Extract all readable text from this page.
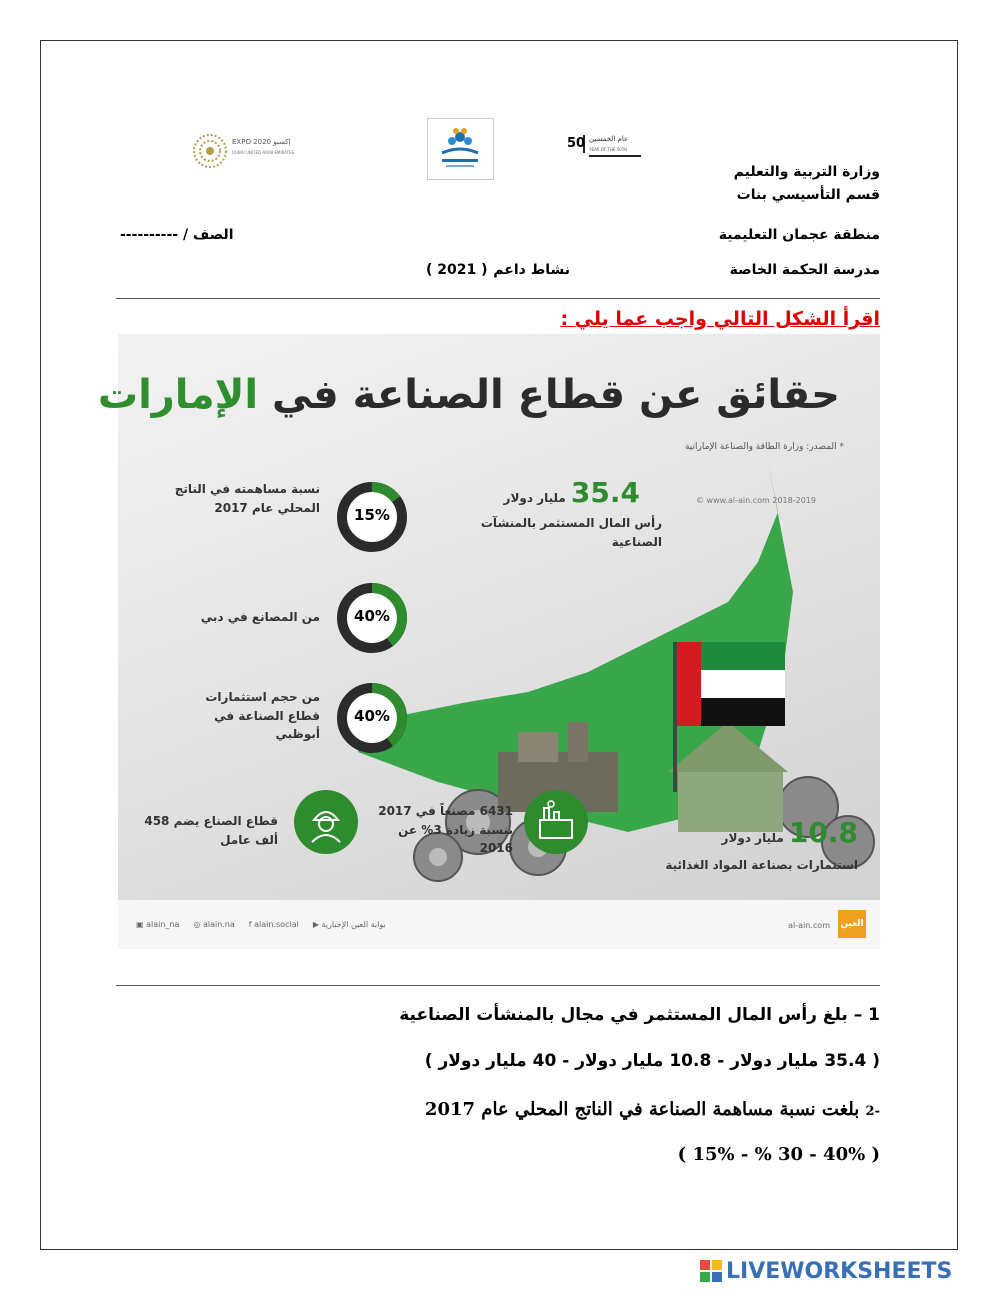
EXPO 2020 إكسبو
DUBAI UNITED ARAB EMIRATES
50 عام الخمسين
YEAR OF THE 50TH
وزارة التربية والتعليم
قسم التأسيسي بنات
منطقة عجمان التعليمية
الصف / ----------
مدرسة الحكمة الخاصة
نشاط داعم
( 2021 )
اقرأ الشكل التالي واجب عما يلي :
حقائق عن قطاع الصناعة في الإمارات
* المصدر: وزارة الطاقة والصناعة الإماراتية
© www.al-ain.com 2018-2019
35.4 مليار دولار
رأس المال المستثمر بالمنشآت الصناعية
15%
نسبة مساهمته في الناتج المحلي عام 2017
40%
من المصانع في دبي
40%
من حجم استثمارات قطاع الصناعة في أبوظبي
قطاع الصناع يضم 458 ألف عامل
6431 مصنعاً في 2017 بنسبة زيادة 3% عن 2016	10.8 مليار دولار
استثمارات بصناعة المواد الغذائية
▣ alain_na ◎ alain.na f alain.social ▶ بوابة العين الإخبارية	al-ain.com العين
1 – بلغ رأس المال المستثمر في مجال بالمنشأت الصناعية
( 35.4 مليار دولار - 10.8 مليار دولار - 40 مليار دولار )
-2 بلغت نسبة مساهمة الصناعة في الناتج المحلي عام 2017
( 40% - 30 % - 15% )
LIVEWORKSHEETS
